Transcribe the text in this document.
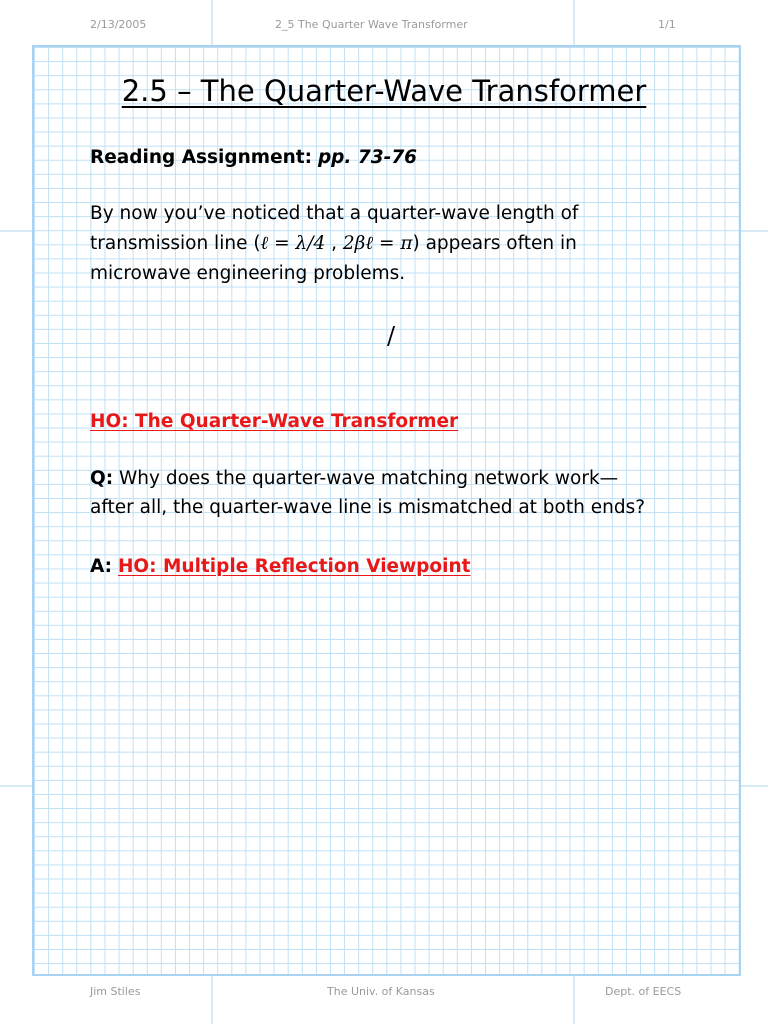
2/13/2005	2_5 The Quarter Wave Transformer	1/1
2.5 – The Quarter-Wave Transformer
Reading Assignment: pp. 73-76
By now you’ve noticed that a quarter-wave length of
transmission line (ℓ = λ/4 , 2βℓ = π) appears often in
microwave engineering problems.
/
HO: The Quarter-Wave Transformer
Q: Why does the quarter-wave matching network work—
after all, the quarter-wave line is mismatched at both ends?
A: HO: Multiple Reflection Viewpoint
Jim Stiles	The Univ. of Kansas	Dept. of EECS
